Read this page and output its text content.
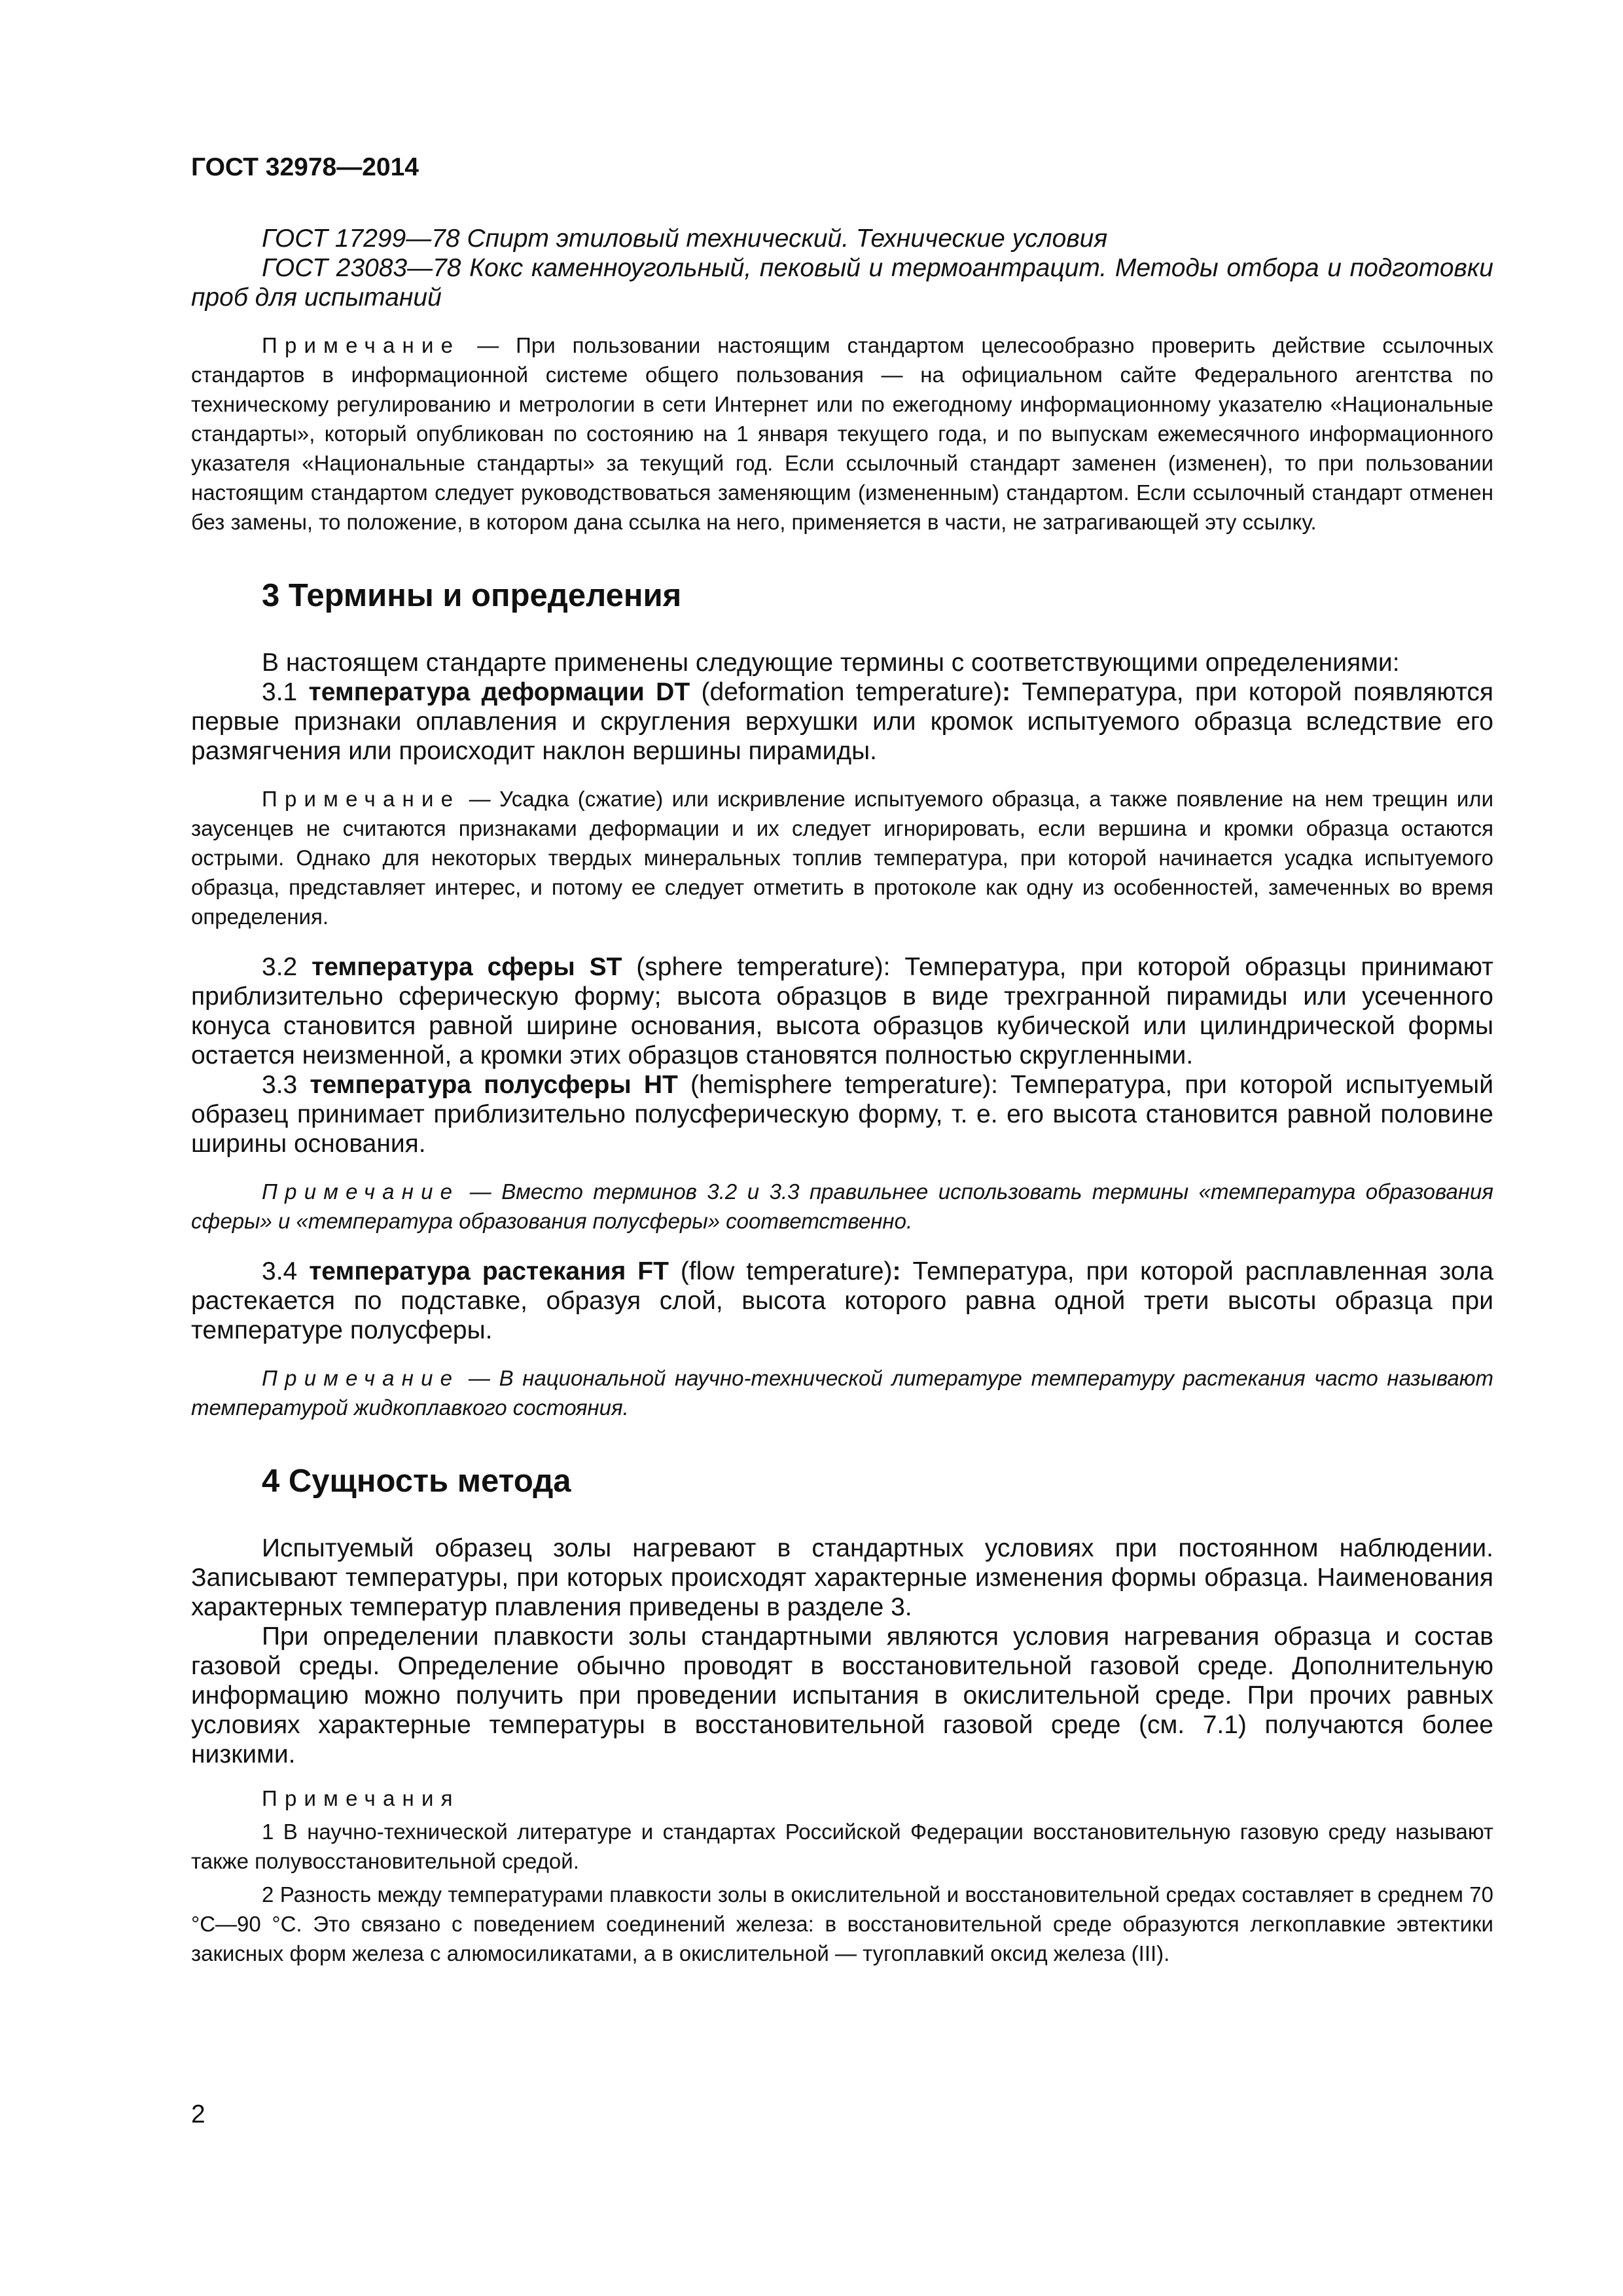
ГОСТ 32978—2014

ГОСТ 17299—78 Спирт этиловый технический. Технические условия

ГОСТ 23083—78 Кокс каменноугольный, пековый и термоантрацит. Методы отбора и подготовки проб для испытаний

Примечание — При пользовании настоящим стандартом целесообразно проверить действие ссылочных стандартов в информационной системе общего пользования — на официальном сайте Федерального агентства по техническому регулированию и метрологии в сети Интернет или по ежегодному информационному указателю «Национальные стандарты», который опубликован по состоянию на 1 января текущего года, и по выпускам ежемесячного информационного указателя «Национальные стандарты» за текущий год. Если ссылочный стандарт заменен (изменен), то при пользовании настоящим стандартом следует руководствоваться заменяющим (измененным) стандартом. Если ссылочный стандарт отменен без замены, то положение, в котором дана ссылка на него, применяется в части, не затрагивающей эту ссылку.

3 Термины и определения

В настоящем стандарте применены следующие термины с соответствующими определениями:

3.1 температура деформации DT (deformation temperature): Температура, при которой появляются первые признаки оплавления и скругления верхушки или кромок испытуемого образца вследствие его размягчения или происходит наклон вершины пирамиды.

Примечание — Усадка (сжатие) или искривление испытуемого образца, а также появление на нем трещин или заусенцев не считаются признаками деформации и их следует игнорировать, если вершина и кромки образца остаются острыми. Однако для некоторых твердых минеральных топлив температура, при которой начинается усадка испытуемого образца, представляет интерес, и потому ее следует отметить в протоколе как одну из особенностей, замеченных во время определения.

3.2 температура сферы ST (sphere temperature): Температура, при которой образцы принимают приблизительно сферическую форму; высота образцов в виде трехгранной пирамиды или усеченного конуса становится равной ширине основания, высота образцов кубической или цилиндрической формы остается неизменной, а кромки этих образцов становятся полностью скругленными.

3.3 температура полусферы HT (hemisphere temperature): Температура, при которой испытуемый образец принимает приблизительно полусферическую форму, т. е. его высота становится равной половине ширины основания.

Примечание — Вместо терминов 3.2 и 3.3 правильнее использовать термины «температура образования сферы» и «температура образования полусферы» соответственно.

3.4 температура растекания FT (flow temperature): Температура, при которой расплавленная зола растекается по подставке, образуя слой, высота которого равна одной трети высоты образца при температуре полусферы.

Примечание — В национальной научно-технической литературе температуру растекания часто называют температурой жидкоплавкого состояния.

4 Сущность метода

Испытуемый образец золы нагревают в стандартных условиях при постоянном наблюдении. Записывают температуры, при которых происходят характерные изменения формы образца. Наименования характерных температур плавления приведены в разделе 3.

При определении плавкости золы стандартными являются условия нагревания образца и состав газовой среды. Определение обычно проводят в восстановительной газовой среде. Дополнительную информацию можно получить при проведении испытания в окислительной среде. При прочих равных условиях характерные температуры в восстановительной газовой среде (см. 7.1) получаются более низкими.

Примечания

1 В научно-технической литературе и стандартах Российской Федерации восстановительную газовую среду называют также полувосстановительной средой.

2 Разность между температурами плавкости золы в окислительной и восстановительной средах составляет в среднем 70 °С—90 °С. Это связано с поведением соединений железа: в восстановительной среде образуются легкоплавкие эвтектики закисных форм железа с алюмосиликатами, а в окислительной — тугоплавкий оксид железа (III).

2
